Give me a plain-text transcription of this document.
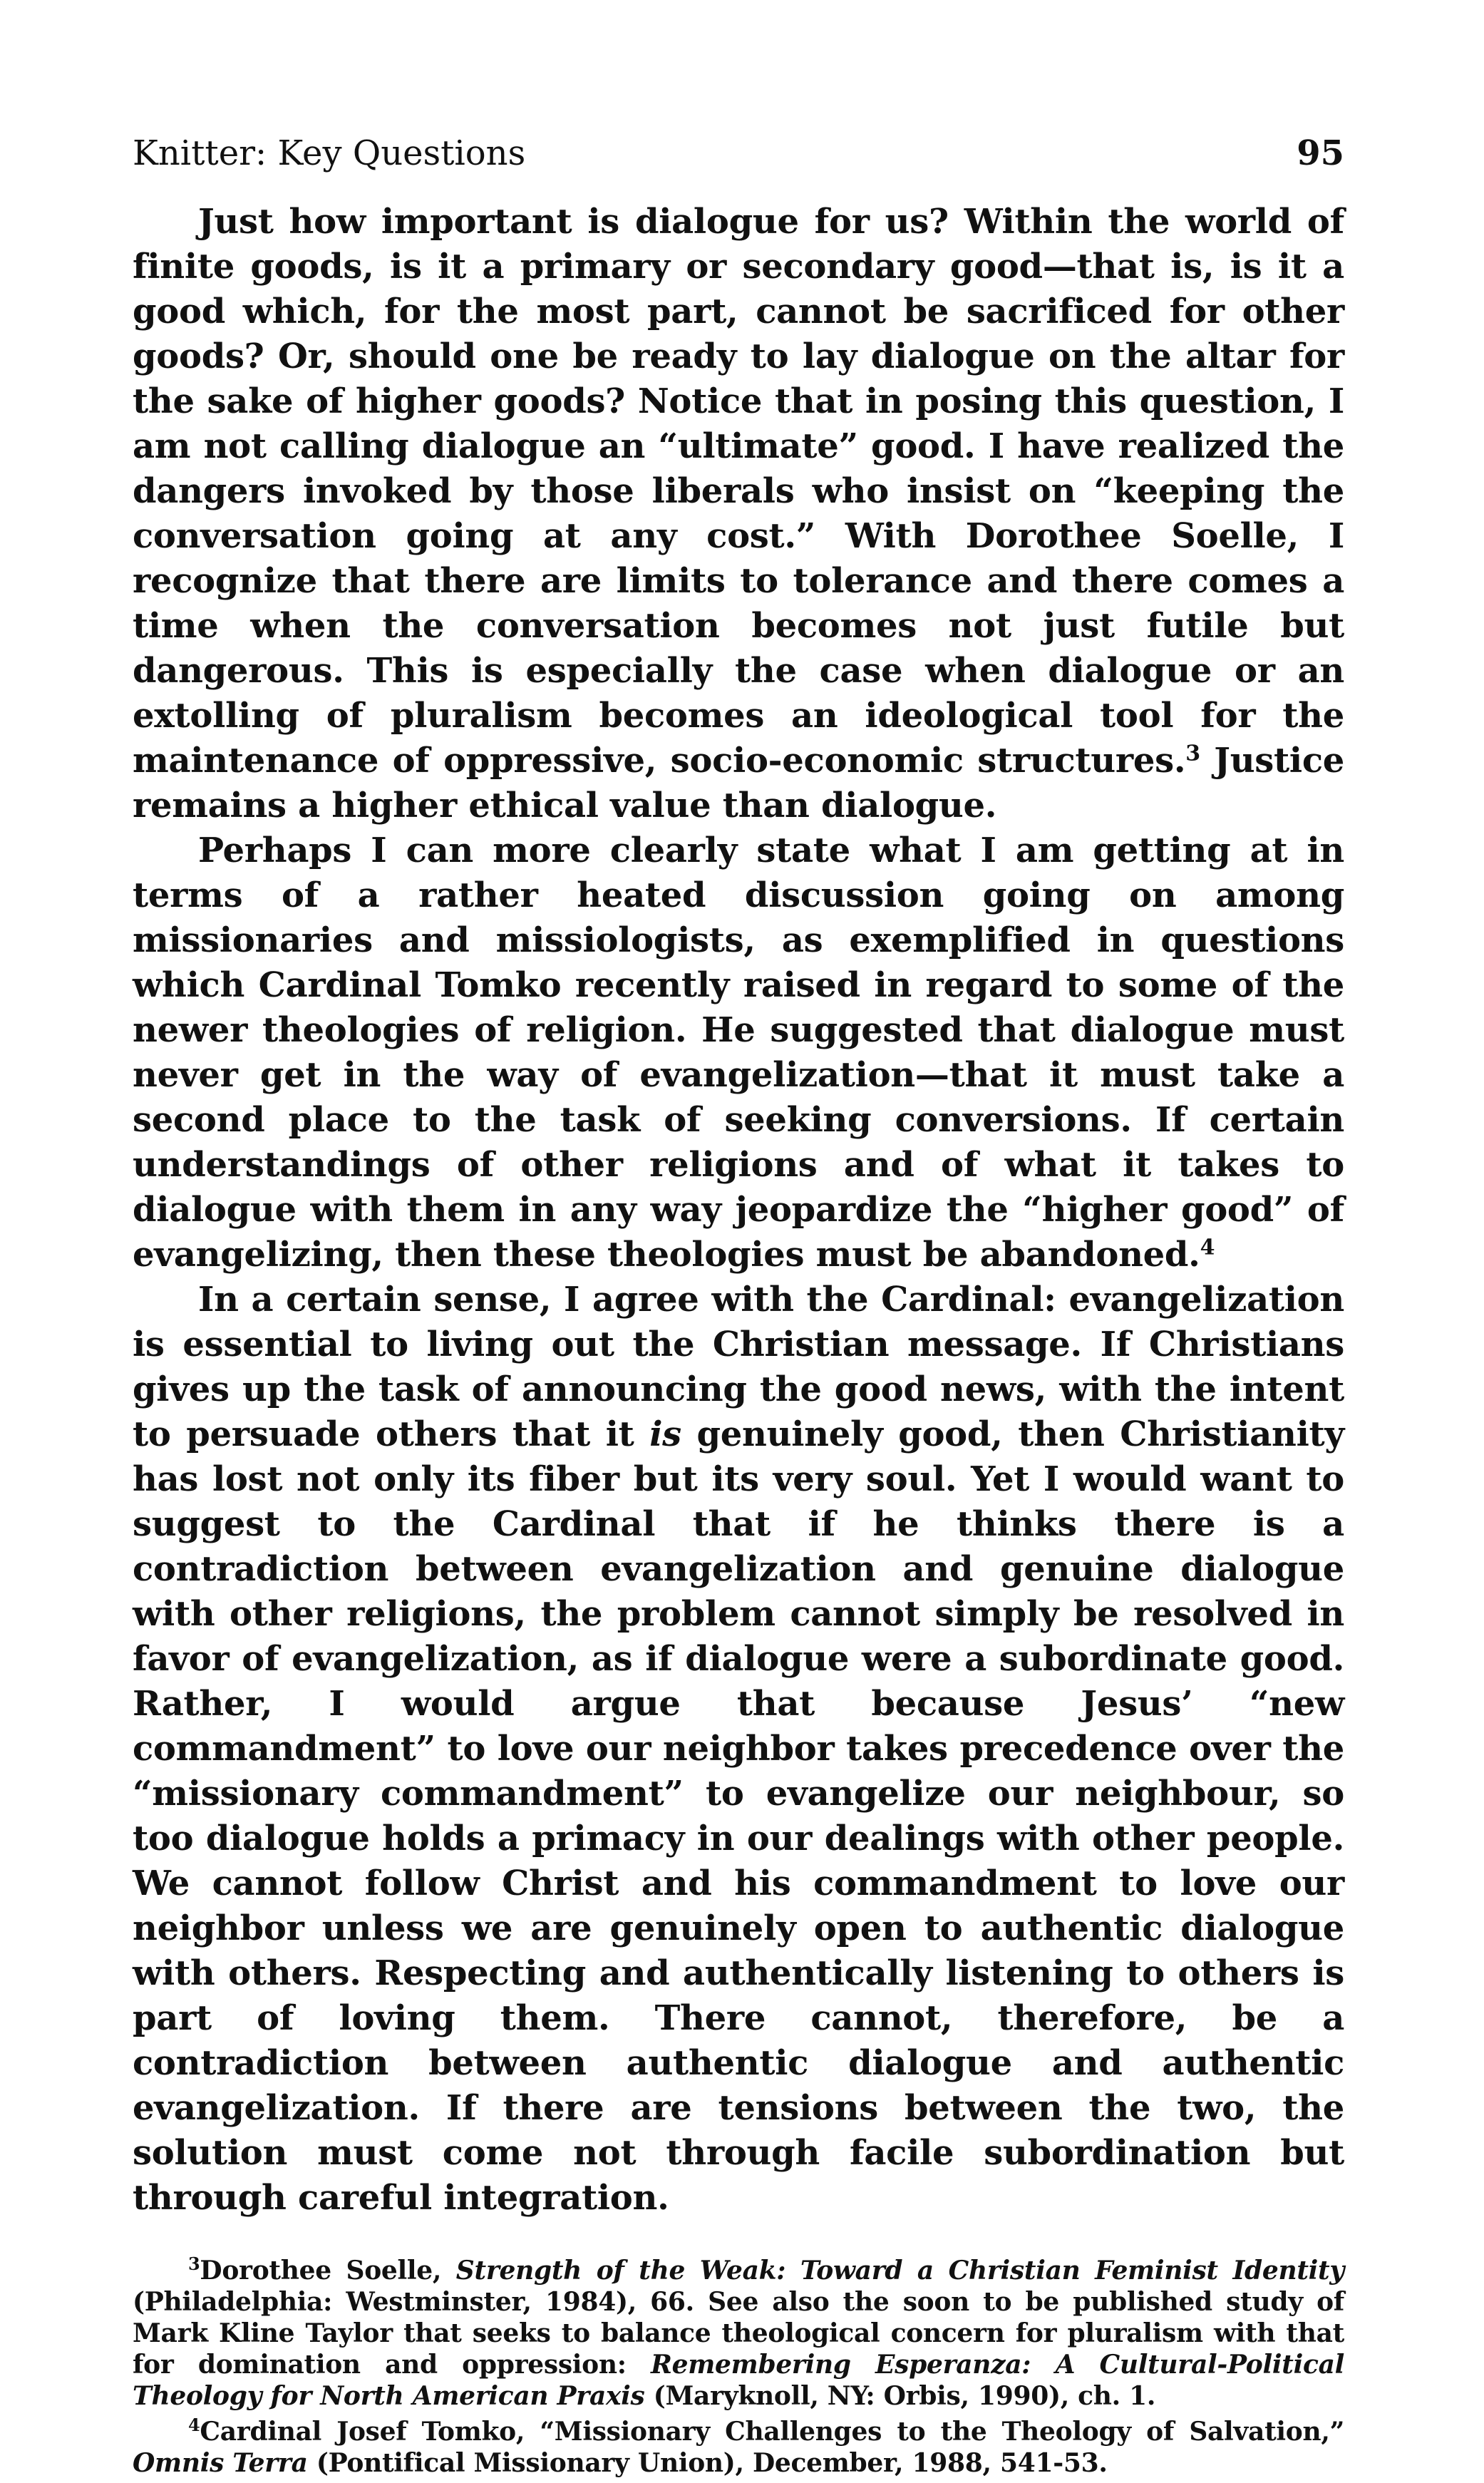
Knitter: Key Questions	95

Just how important is dialogue for us? Within the world of finite goods, is it a primary or secondary good—that is, is it a good which, for the most part, cannot be sacrificed for other goods? Or, should one be ready to lay dialogue on the altar for the sake of higher goods? Notice that in posing this question, I am not calling dialogue an “ultimate” good. I have realized the dangers invoked by those liberals who insist on “keeping the conversation going at any cost.” With Dorothee Soelle, I recognize that there are limits to tolerance and there comes a time when the conversation becomes not just futile but dangerous. This is especially the case when dialogue or an extolling of pluralism becomes an ideological tool for the maintenance of oppressive, socio-economic structures.$^3$ Justice remains a higher ethical value than dialogue.

Perhaps I can more clearly state what I am getting at in terms of a rather heated discussion going on among missionaries and missiologists, as exemplified in questions which Cardinal Tomko recently raised in regard to some of the newer theologies of religion. He suggested that dialogue must never get in the way of evangelization—that it must take a second place to the task of seeking conversions. If certain understandings of other religions and of what it takes to dialogue with them in any way jeopardize the “higher good” of evangelizing, then these theologies must be abandoned.$^4$

In a certain sense, I agree with the Cardinal: evangelization is essential to living out the Christian message. If Christians gives up the task of announcing the good news, with the intent to persuade others that it is genuinely good, then Christianity has lost not only its fiber but its very soul. Yet I would want to suggest to the Cardinal that if he thinks there is a contradiction between evangelization and genuine dialogue with other religions, the problem cannot simply be resolved in favor of evangelization, as if dialogue were a subordinate good. Rather, I would argue that because Jesus’ “new commandment” to love our neighbor takes precedence over the “missionary commandment” to evangelize our neighbour, so too dialogue holds a primacy in our dealings with other people. We cannot follow Christ and his commandment to love our neighbor unless we are genuinely open to authentic dialogue with others. Respecting and authentically listening to others is part of loving them. There cannot, therefore, be a contradiction between authentic dialogue and authentic evangelization. If there are tensions between the two, the solution must come not through facile subordination but through careful integration.

$^3$Dorothee Soelle, Strength of the Weak: Toward a Christian Feminist Identity (Philadelphia: Westminster, 1984), 66. See also the soon to be published study of Mark Kline Taylor that seeks to balance theological concern for pluralism with that for domination and oppression: Remembering Esperanza: A Cultural-Political Theology for North American Praxis (Maryknoll, NY: Orbis, 1990), ch. 1.

$^4$Cardinal Josef Tomko, “Missionary Challenges to the Theology of Salvation,” Omnis Terra (Pontifical Missionary Union), December, 1988, 541-53.
